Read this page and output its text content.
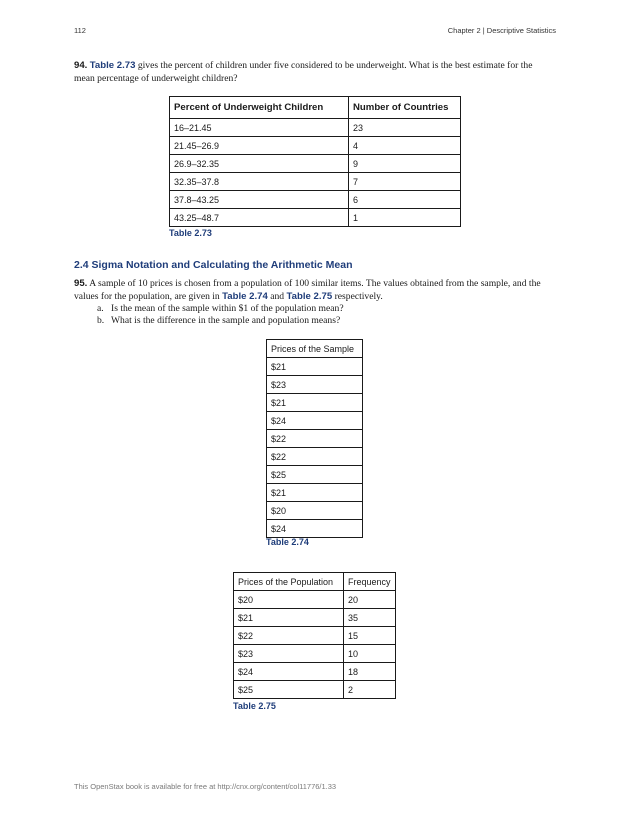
112	Chapter 2 | Descriptive Statistics
94. Table 2.73 gives the percent of children under five considered to be underweight. What is the best estimate for the
mean percentage of underweight children?
Percent of Underweight Children	Number of Countries
16–21.45	23
21.45–26.9	4
26.9–32.35	9
32.35–37.8	7
37.8–43.25	6
43.25–48.7	1
Table 2.73
2.4 Sigma Notation and Calculating the Arithmetic Mean
95. A sample of 10 prices is chosen from a population of 100 similar items. The values obtained from the sample, and the
values for the population, are given in Table 2.74 and Table 2.75 respectively.
a. Is the mean of the sample within $1 of the population mean?
b. What is the difference in the sample and population means?
Prices of the Sample
$21
$23
$21
$24
$22
$22
$25
$21
$20
$24
Table 2.74
Prices of the Population	Frequency
$20	20
$21	35
$22	15
$23	10
$24	18
$25	2
Table 2.75
This OpenStax book is available for free at http://cnx.org/content/col11776/1.33
